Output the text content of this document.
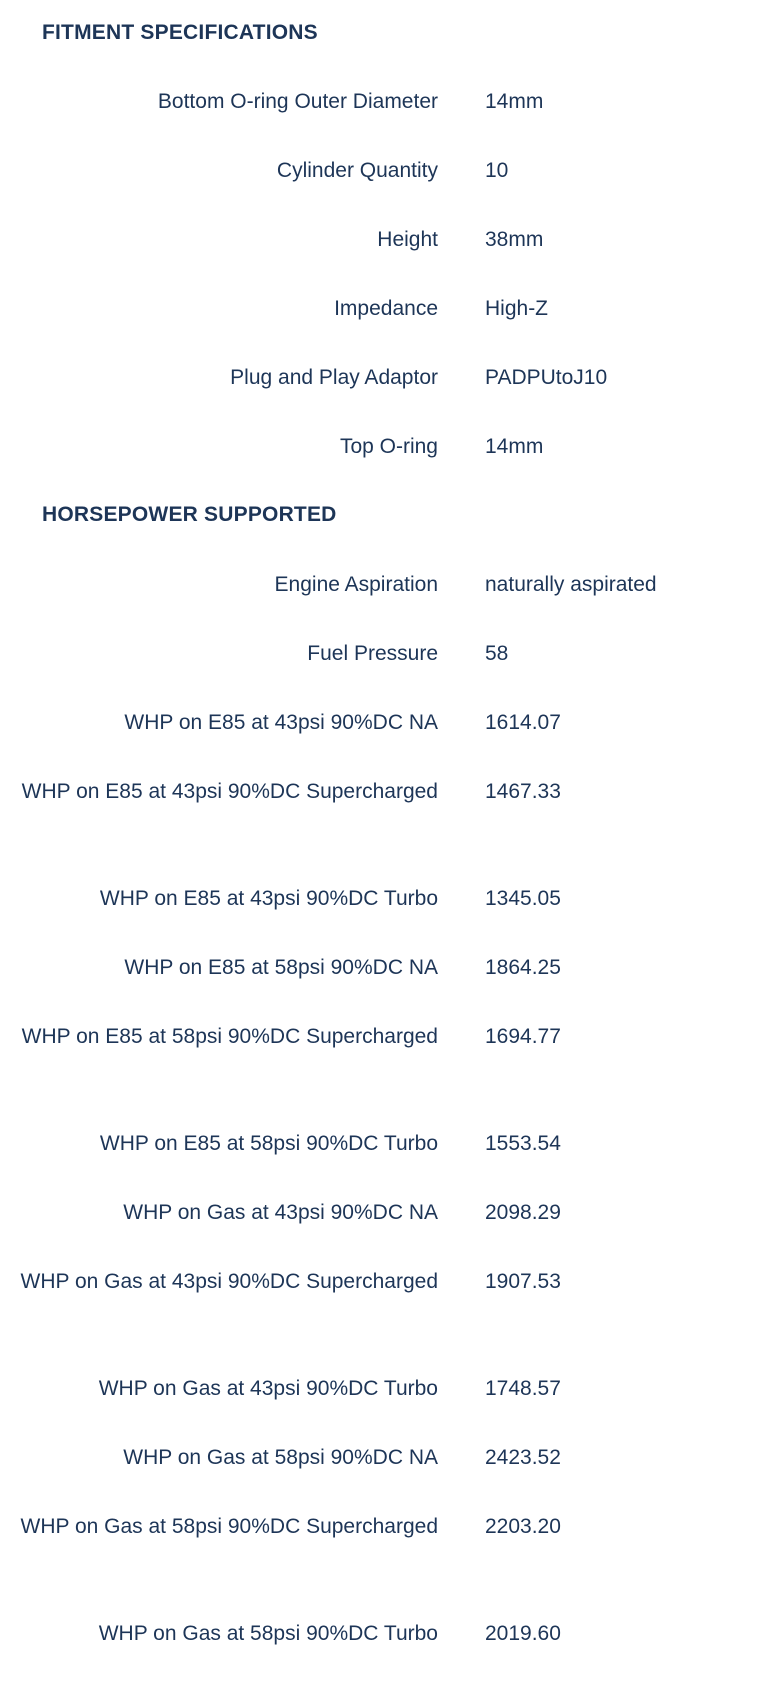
FITMENT SPECIFICATIONS
Bottom O-ring Outer Diameter 14mm
Cylinder Quantity 10
Height 38mm
Impedance High-Z
Plug and Play Adaptor PADPUtoJ10
Top O-ring 14mm
HORSEPOWER SUPPORTED
Engine Aspiration naturally aspirated
Fuel Pressure 58
WHP on E85 at 43psi 90%DC NA 1614.07
WHP on E85 at 43psi 90%DC Supercharged 1467.33
WHP on E85 at 43psi 90%DC Turbo 1345.05
WHP on E85 at 58psi 90%DC NA 1864.25
WHP on E85 at 58psi 90%DC Supercharged 1694.77
WHP on E85 at 58psi 90%DC Turbo 1553.54
WHP on Gas at 43psi 90%DC NA 2098.29
WHP on Gas at 43psi 90%DC Supercharged 1907.53
WHP on Gas at 43psi 90%DC Turbo 1748.57
WHP on Gas at 58psi 90%DC NA 2423.52
WHP on Gas at 58psi 90%DC Supercharged 2203.20
WHP on Gas at 58psi 90%DC Turbo 2019.60
